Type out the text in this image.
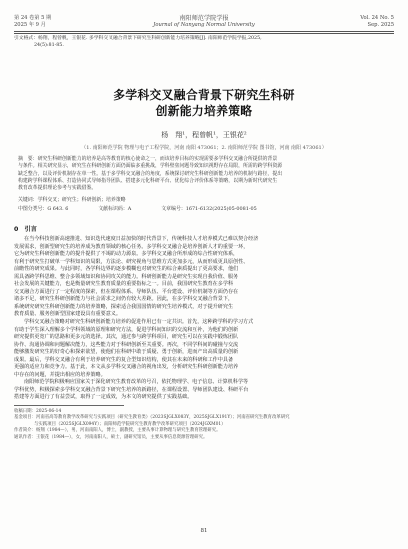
第 24 卷第 5 期
2025 年 9 月
南阳师范学院学报
Journal of Nanyang Normal University
Vol. 24 No. 5
Sep. 2025
引文格式：杨翔，程曾帆，王银花. 多学科交叉融合背景下研究生科研创新能力培养策略[J]. 南阳师范学院学报,2025,
24(5):81-85.
多学科交叉融合背景下研究生科研
创新能力培养策略
杨　翔¹，程曾帆¹，王银花²
（1. 南阳师范学院 物理与电子工程学院，河南 南阳 473061；2. 南阳师范学院 图书馆，河南 南阳 473061）
摘　要：研究生科研创新能力的培养是高等教育的核心使命之一，而该培养目标的实现需要多学科交叉融合所提供的背景
与条件。相关研究显示，研究生在科研创新方面仍面临多重挑战，学科壁垒问题导致知识视野存在局限，所需的跨学科资源
缺乏整合，以及评价机制存在单一性。基于多学科交叉融合的角度，系统探讨研究生科研创新能力培养的机制与路径，提出
构建跨学科课程体系、打造协同式导师指导团队、搭建多元化科研平台、优化综合评价体系等策略，以期为新时代研究生
教育改革提供理论参考与实践借鉴。
关键词：学科交叉；研究生；科研创新；培养策略
中图分类号：G 643. 6	文献标识码：A	文章编号：1671-6132(2025)05-0081-05
0　引言
在当今科技创新高速推进、知识迭代速度日益加快的时代背景下，传统科技人才培养模式已难以契合经济
发展需求，创新型研究生的培养成为教育领域的核心任务。多学科交叉融合是培养创新人才的重要一环，
它为研究生科研创新能力的提升提供了不竭的动力源泉。多学科交叉融合所形成的综合性研究体系，
有利于研究生打破单一学科知识的局限，方法论、研究视角与思维方式更加多元，从而形成更具原创性、
前瞻性的研究成果。与此同时，各学科边界的逐步模糊也对研究生的综合素质提出了更高要求，他们
需具备跨学科思维、整合多领域知识和协同攻关的能力。科研创新能力是研究生实现自我价值、服务
社会发展的关键能力，也是衡量研究生教育质量的重要指标之一。目前，我国研究生教育在多学科
交叉融合方面进行了一定程度的探索，但在课程体系、导师队伍、平台建设、评价机制等方面仍存在
诸多不足，研究生科研创新能力与社会需求之间仍有较大差距。因此，在多学科交叉融合背景下，
系统研究研究生科研创新能力的培养策略，探索适合我国国情的研究生培养模式，对于提升研究生
教育质量、服务创新型国家建设具有重要意义。
学科交叉融合策略对研究生科研创新能力培养的促进作用已有一定共识。首先，这种跨学科的学习方式
有助于学生深入理解多个学科领域的原理和研究方法，促进学科间知识的交流和互补，为他们的创新
研究提供更宽广的思路和更多元的选择。其次，通过参与跨学科项目，研究生可以在实践中锻炼团队
协作、沟通协调和问题解决能力，这些能力对于科研创新至关重要。再次，不同学科间的碰撞与交流
能够激发研究生的好奇心和探索欲望，使他们在科研中敢于质疑、勇于创新，进而产出高质量的创新
成果。最后，学科交叉融合有利于培养研究生的复合型知识结构，使其在未来的科研和工作中具备
更强的适应力和竞争力。基于此，本文从多学科交叉融合的视角出发，分析研究生科研创新能力培养
中存在的问题，并提出相应的培养策略。
南阳师范学院积极响应国家关于深化研究生教育改革的号召，依托物理学、电子信息、计算机科学等
学科优势，积极探索多学科交叉融合背景下研究生培养的新路径，在课程设置、导师团队建设、科研平台
搭建等方面进行了有益尝试，取得了一定成效，为本文的研究提供了实践基础。
收稿日期：2025-06-14
基金项目：河南省高等教育教学改革研究与实践项目（研究生教育类）（2023SJGLX083Y，2025SJGLX191Y）；河南省研究生教育改革研究
与实践项目（2025SJGLX094Y）；南阳师范学院研究生教育教学改革研究项目（2024JGXM01）
作者简介：杨翔（1984—），男，河南南阳人，博士，副教授，主要从事计算物理与研究生教育管理研究。
通讯作者：王银花（1984—），女，河南南阳人，硕士，副研究馆员，主要从事信息资源管理研究。
81
